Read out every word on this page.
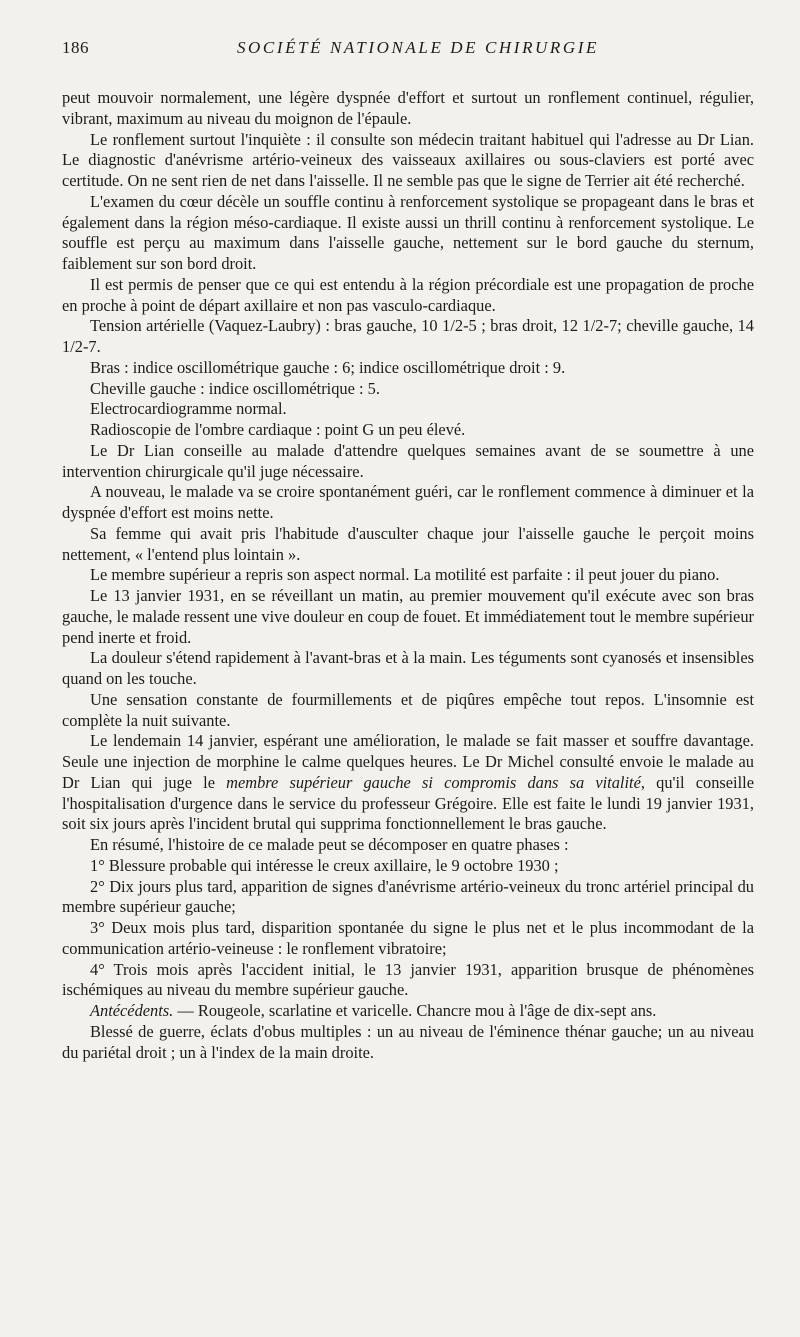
186	SOCIÉTÉ NATIONALE DE CHIRURGIE

peut mouvoir normalement, une légère dyspnée d'effort et surtout un ronflement continuel, régulier, vibrant, maximum au niveau du moignon de l'épaule.

Le ronflement surtout l'inquiète : il consulte son médecin traitant habituel qui l'adresse au Dr Lian. Le diagnostic d'anévrisme artério-veineux des vaisseaux axillaires ou sous-claviers est porté avec certitude. On ne sent rien de net dans l'aisselle. Il ne semble pas que le signe de Terrier ait été recherché.

L'examen du cœur décèle un souffle continu à renforcement systolique se propageant dans le bras et également dans la région méso-cardiaque. Il existe aussi un thrill continu à renforcement systolique. Le souffle est perçu au maximum dans l'aisselle gauche, nettement sur le bord gauche du sternum, faiblement sur son bord droit.

Il est permis de penser que ce qui est entendu à la région précordiale est une propagation de proche en proche à point de départ axillaire et non pas vasculo-cardiaque.

Tension artérielle (Vaquez-Laubry) : bras gauche, 10 1/2-5 ; bras droit, 12 1/2-7; cheville gauche, 14 1/2-7.

Bras : indice oscillométrique gauche : 6; indice oscillométrique droit : 9.

Cheville gauche : indice oscillométrique : 5.

Electrocardiogramme normal.

Radioscopie de l'ombre cardiaque : point G un peu élevé.

Le Dr Lian conseille au malade d'attendre quelques semaines avant de se soumettre à une intervention chirurgicale qu'il juge nécessaire.

A nouveau, le malade va se croire spontanément guéri, car le ronflement commence à diminuer et la dyspnée d'effort est moins nette.

Sa femme qui avait pris l'habitude d'ausculter chaque jour l'aisselle gauche le perçoit moins nettement, « l'entend plus lointain ».

Le membre supérieur a repris son aspect normal. La motilité est parfaite : il peut jouer du piano.

Le 13 janvier 1931, en se réveillant un matin, au premier mouvement qu'il exécute avec son bras gauche, le malade ressent une vive douleur en coup de fouet. Et immédiatement tout le membre supérieur pend inerte et froid.

La douleur s'étend rapidement à l'avant-bras et à la main. Les téguments sont cyanosés et insensibles quand on les touche.

Une sensation constante de fourmillements et de piqûres empêche tout repos. L'insomnie est complète la nuit suivante.

Le lendemain 14 janvier, espérant une amélioration, le malade se fait masser et souffre davantage. Seule une injection de morphine le calme quelques heures. Le Dr Michel consulté envoie le malade au Dr Lian qui juge le membre supérieur gauche si compromis dans sa vitalité, qu'il conseille l'hospitalisation d'urgence dans le service du professeur Grégoire. Elle est faite le lundi 19 janvier 1931, soit six jours après l'incident brutal qui supprima fonctionnellement le bras gauche.

En résumé, l'histoire de ce malade peut se décomposer en quatre phases :

1° Blessure probable qui intéresse le creux axillaire, le 9 octobre 1930 ;

2° Dix jours plus tard, apparition de signes d'anévrisme artério-veineux du tronc artériel principal du membre supérieur gauche;

3° Deux mois plus tard, disparition spontanée du signe le plus net et le plus incommodant de la communication artério-veineuse : le ronflement vibratoire;

4° Trois mois après l'accident initial, le 13 janvier 1931, apparition brusque de phénomènes ischémiques au niveau du membre supérieur gauche.

Antécédents. — Rougeole, scarlatine et varicelle. Chancre mou à l'âge de dix-sept ans.

Blessé de guerre, éclats d'obus multiples : un au niveau de l'éminence thénar gauche; un au niveau du pariétal droit ; un à l'index de la main droite.
